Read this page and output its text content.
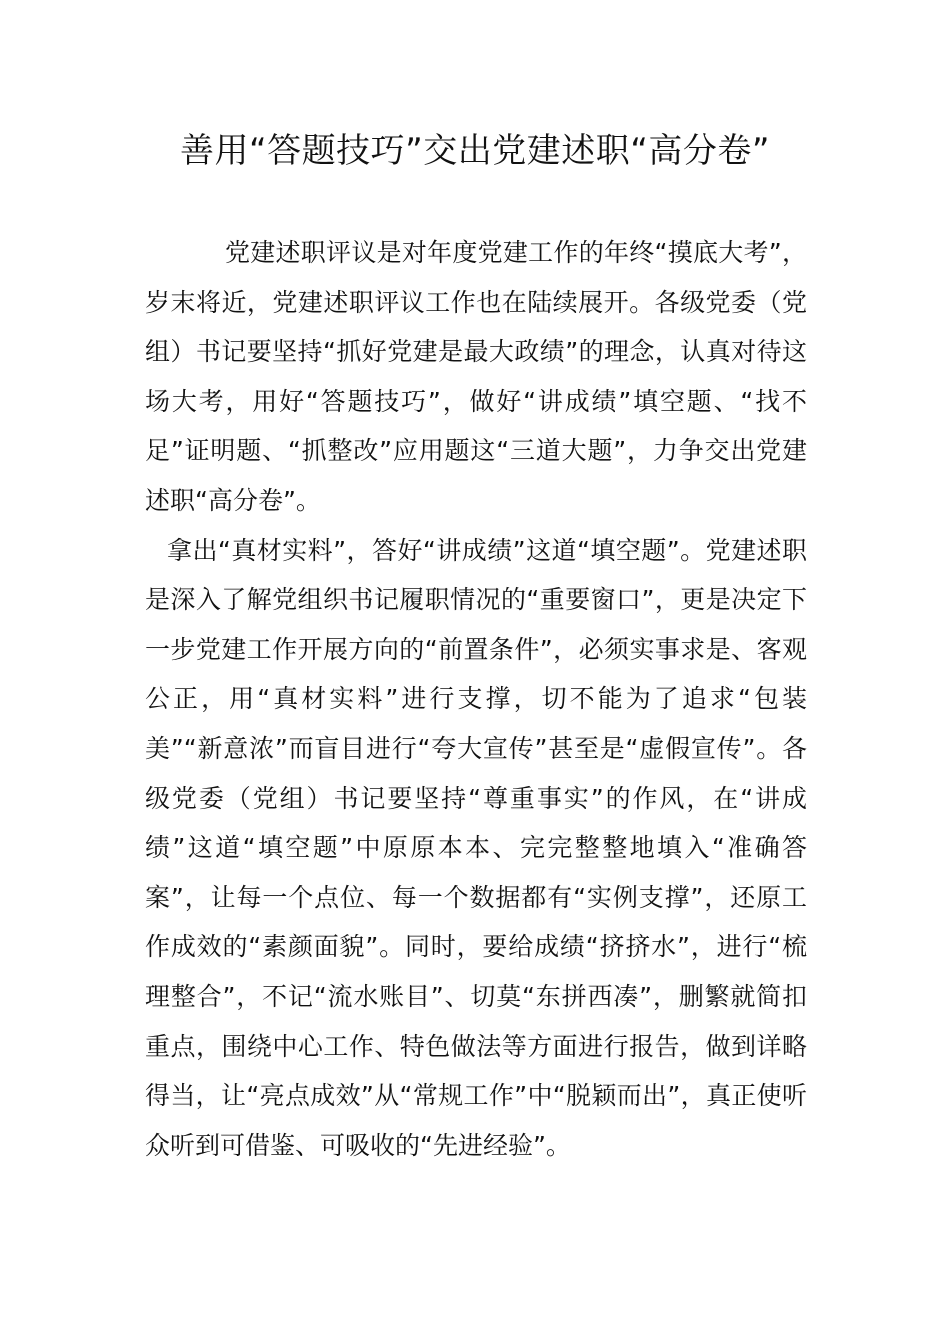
善用“答题技巧”交出党建述职“高分卷”

党建述职评议是对年度党建工作的年终“摸底大考”，岁末将近，党建述职评议工作也在陆续展开。各级党委（党组）书记要坚持“抓好党建是最大政绩”的理念，认真对待这场大考，用好“答题技巧”，做好“讲成绩”填空题、“找不足”证明题、“抓整改”应用题这“三道大题”，力争交出党建述职“高分卷”。

拿出“真材实料”，答好“讲成绩”这道“填空题”。党建述职是深入了解党组织书记履职情况的“重要窗口”，更是决定下一步党建工作开展方向的“前置条件”，必须实事求是、客观公正，用“真材实料”进行支撑，切不能为了追求“包装美”“新意浓”而盲目进行“夸大宣传”甚至是“虚假宣传”。各级党委（党组）书记要坚持“尊重事实”的作风，在“讲成绩”这道“填空题”中原原本本、完完整整地填入“准确答案”，让每一个点位、每一个数据都有“实例支撑”，还原工作成效的“素颜面貌”。同时，要给成绩“挤挤水”，进行“梳理整合”，不记“流水账目”、切莫“东拼西凑”，删繁就简扣重点，围绕中心工作、特色做法等方面进行报告，做到详略得当，让“亮点成效”从“常规工作”中“脱颖而出”，真正使听众听到可借鉴、可吸收的“先进经验”。
